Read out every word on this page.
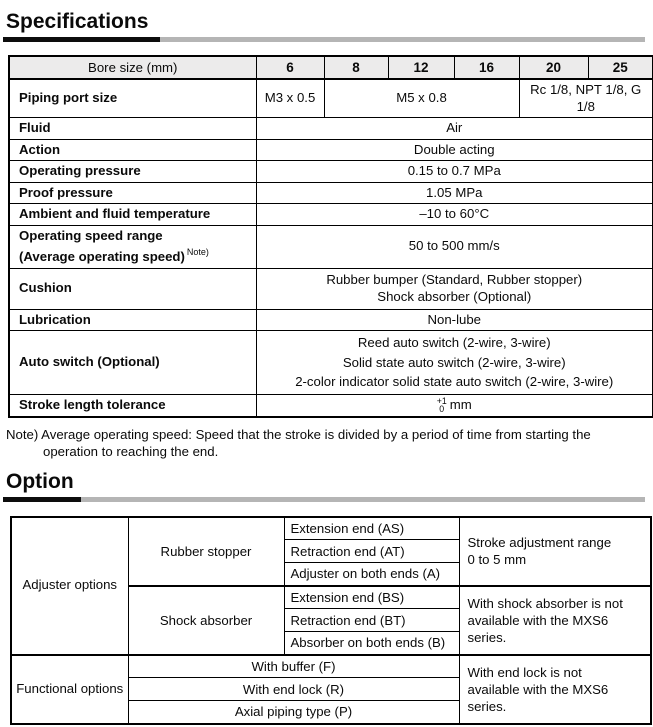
Specifications
Bore size (mm)	6	8	12	16	20	25
Piping port size	M3 x 0.5	M5 x 0.8			Rc 1/8, NPT 1/8, G 1/8	
Fluid	Air					
Action	Double acting					
Operating pressure	0.15 to 0.7 MPa					
Proof pressure	1.05 MPa					
Ambient and fluid temperature	–10 to 60°C					

Operating speed range
(Average operating speed) $^{Note)}$	50 to 500 mm/s					
Cushion	Rubber bumper (Standard, Rubber stopper)
Shock absorber (Optional)					

Lubrication	Non-lube					
Auto switch (Optional)	Reed auto switch (2-wire, 3-wire)
Solid state auto switch (2-wire, 3-wire)
2-color indicator solid state auto switch (2-wire, 3-wire)					

Stroke length tolerance	+1
0 mm					

Note) Average operating speed: Speed that the stroke is divided by a period of time from starting the
operation to reaching the end.

Option
Adjuster options	Rubber stopper	Extension end (AS)	Stroke adjustment range
0 to 5 mm

		Retraction end (AT)	
		Adjuster on both ends (A)	
	Shock absorber	Extension end (BS)	With shock absorber is not
available with the MXS6
series.

		Retraction end (BT)	
		Absorber on both ends (B)	
Functional options	With buffer (F)		With end lock is not
available with the MXS6
series.

	With end lock (R)		
	Axial piping type (P)		
